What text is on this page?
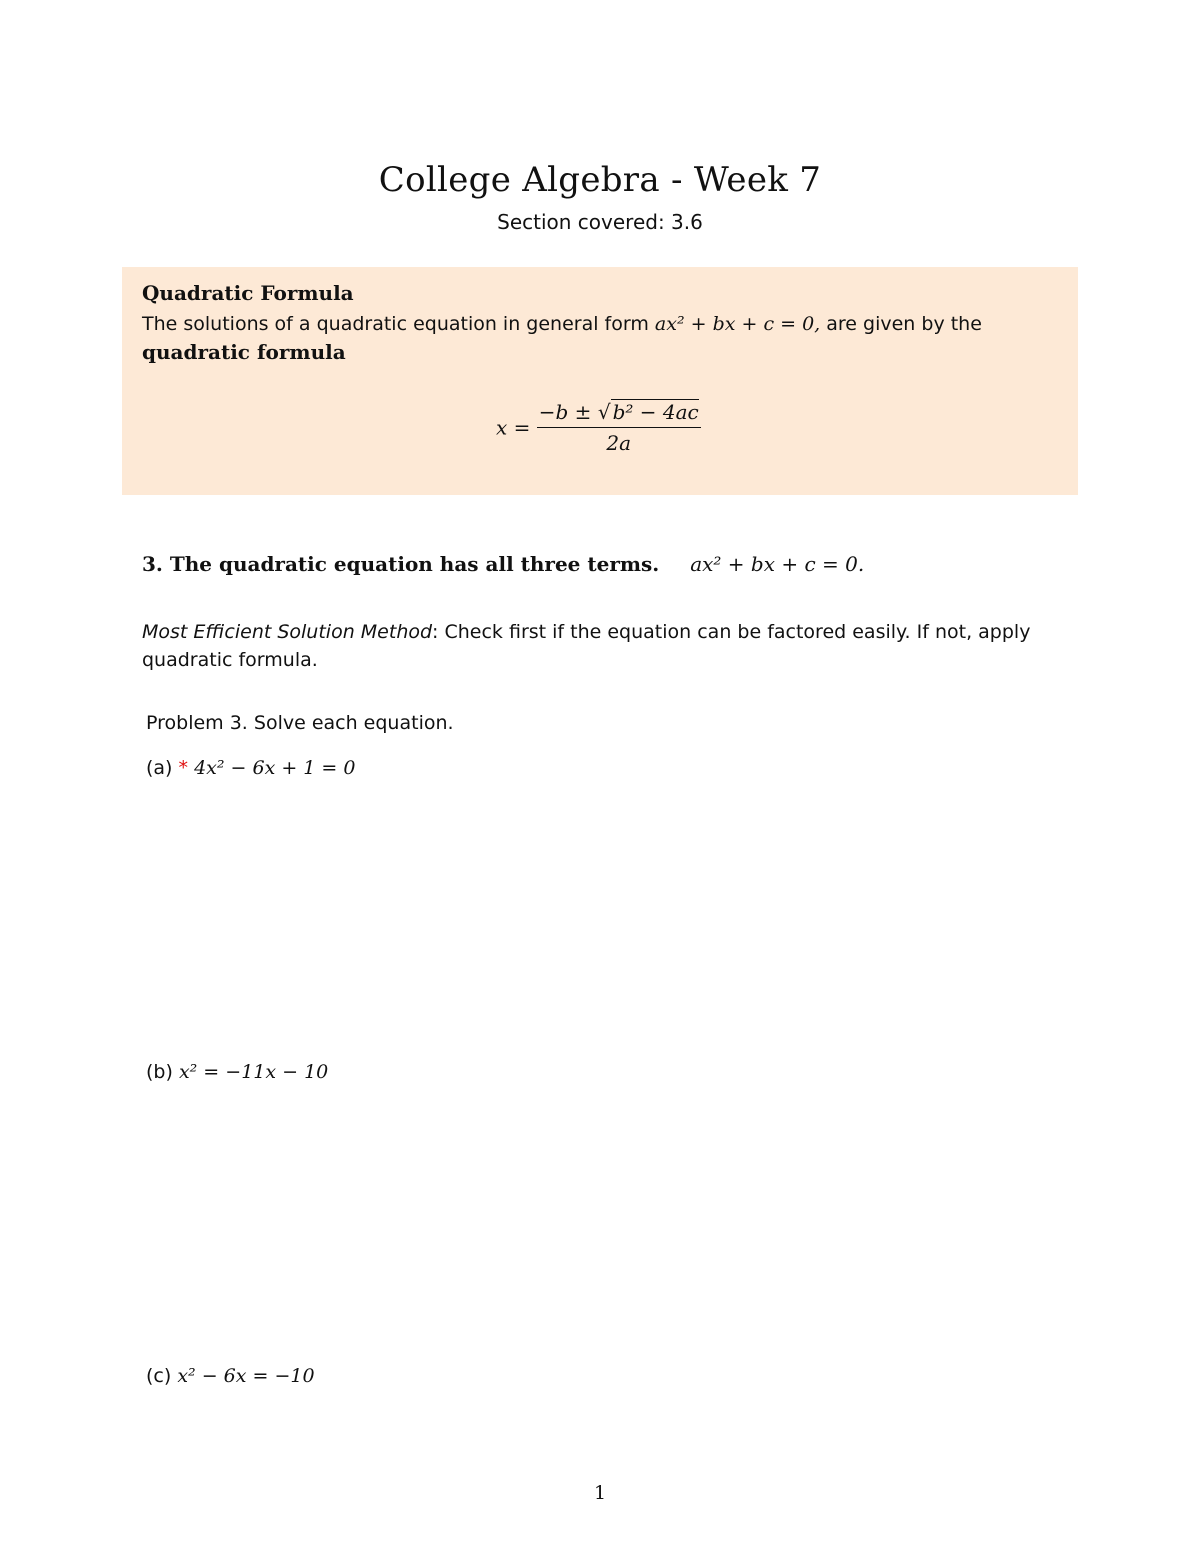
College Algebra - Week 7
Section covered: 3.6
Quadratic Formula
The solutions of a quadratic equation in general form ax² + bx + c = 0, are given by the
quadratic formula
$x = \frac{\text{−b ± √ b² − 4ac}}{2a}$
3. The quadratic equation has all three terms. ax² + bx + c = 0.
Most Efficient Solution Method: Check first if the equation can be factored easily. If not, apply quadratic formula.
Problem 3. Solve each equation.
(a) * 4x² − 6x + 1 = 0
(b) x² = −11x − 10
(c) x² − 6x = −10
1
